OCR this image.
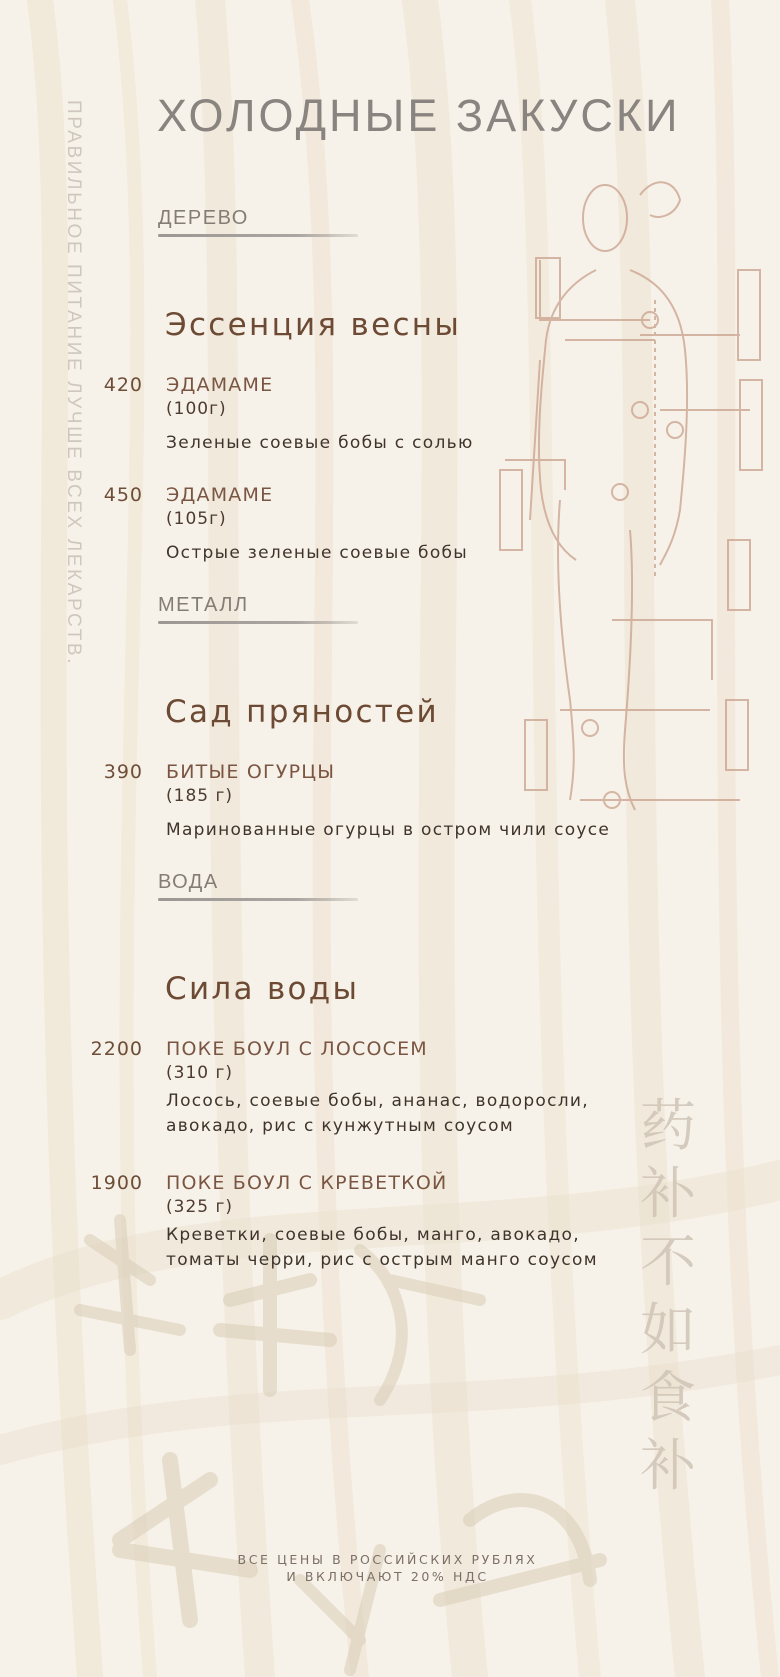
药补不如食补
ПРАВИЛЬНОЕ ПИТАНИЕ ЛУЧШЕ ВСЕХ ЛЕКАРСТВ. ХОЛОДНЫЕ ЗАКУСКИ
ДЕРЕВО
Эссенция весны
420 ЭДАМАМЕ
(100г)
Зеленые соевые бобы с солью
450 ЭДАМАМЕ
(105г)
Острые зеленые соевые бобы
МЕТАЛЛ
Сад пряностей
390 БИТЫЕ ОГУРЦЫ
(185 г)
Маринованные огурцы в остром чили соусе
ВОДА
Сила воды
2200 ПОКЕ БОУЛ С ЛОСОСЕМ
(310 г)
Лосось, соевые бобы, ананас, водоросли,
авокадо, рис с кунжутным соусом
1900 ПОКЕ БОУЛ С КРЕВЕТКОЙ
(325 г)
Креветки, соевые бобы, манго, авокадо,
томаты черри, рис с острым манго соусом
ВСЕ ЦЕНЫ В РОССИЙСКИХ РУБЛЯХ
И ВКЛЮЧАЮТ 20% НДС
